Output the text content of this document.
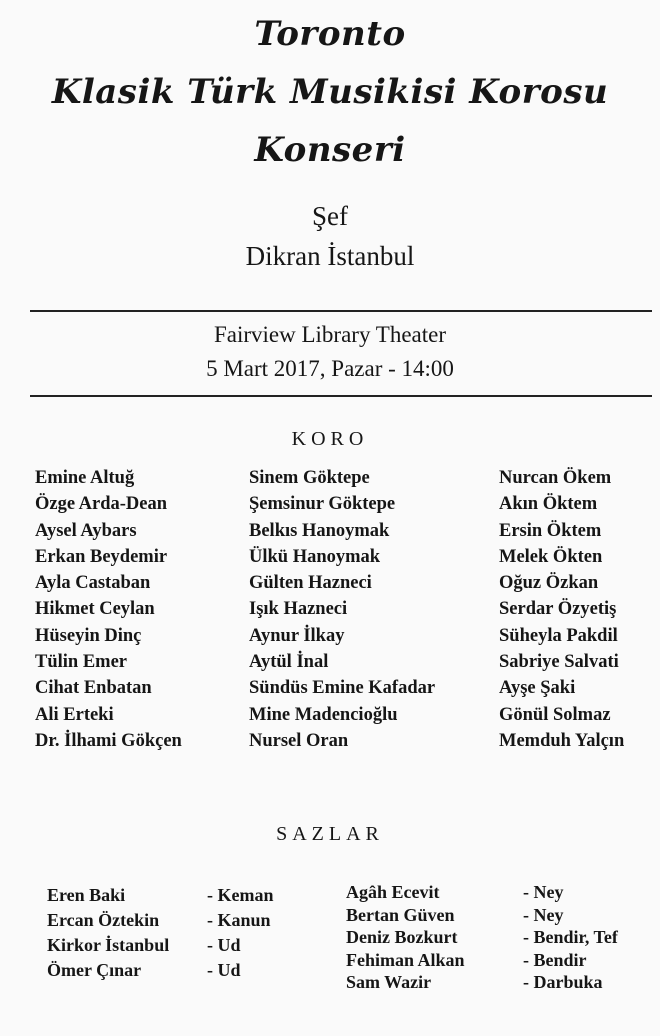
Toronto
Klasik Türk Musikisi Korosu
Konseri
Şef
Dikran İstanbul
Fairview Library Theater
5 Mart 2017, Pazar - 14:00
KORO
Emine Altuğ
Özge Arda-Dean
Aysel Aybars
Erkan Beydemir
Ayla Castaban
Hikmet Ceylan
Hüseyin Dinç
Tülin Emer
Cihat Enbatan
Ali Erteki
Dr. İlhami Gökçen
Sinem Göktepe
Şemsinur Göktepe
Belkıs Hanoymak
Ülkü Hanoymak
Gülten Hazneci
Işık Hazneci
Aynur İlkay
Aytül İnal
Sündüs Emine Kafadar
Mine Madencioğlu
Nursel Oran
Nurcan Ökem
Akın Öktem
Ersin Öktem
Melek Ökten
Oğuz Özkan
Serdar Özyetiş
Süheyla Pakdil
Sabriye Salvati
Ayşe Şaki
Gönül Solmaz
Memduh Yalçın
SAZLAR
Eren Baki
Ercan Öztekin
Kirkor İstanbul
Ömer Çınar
- Keman
- Kanun
- Ud
- Ud
Agâh Ecevit
Bertan Güven
Deniz Bozkurt
Fehiman Alkan
Sam Wazir
- Ney
- Ney
- Bendir, Tef
- Bendir
- Darbuka
